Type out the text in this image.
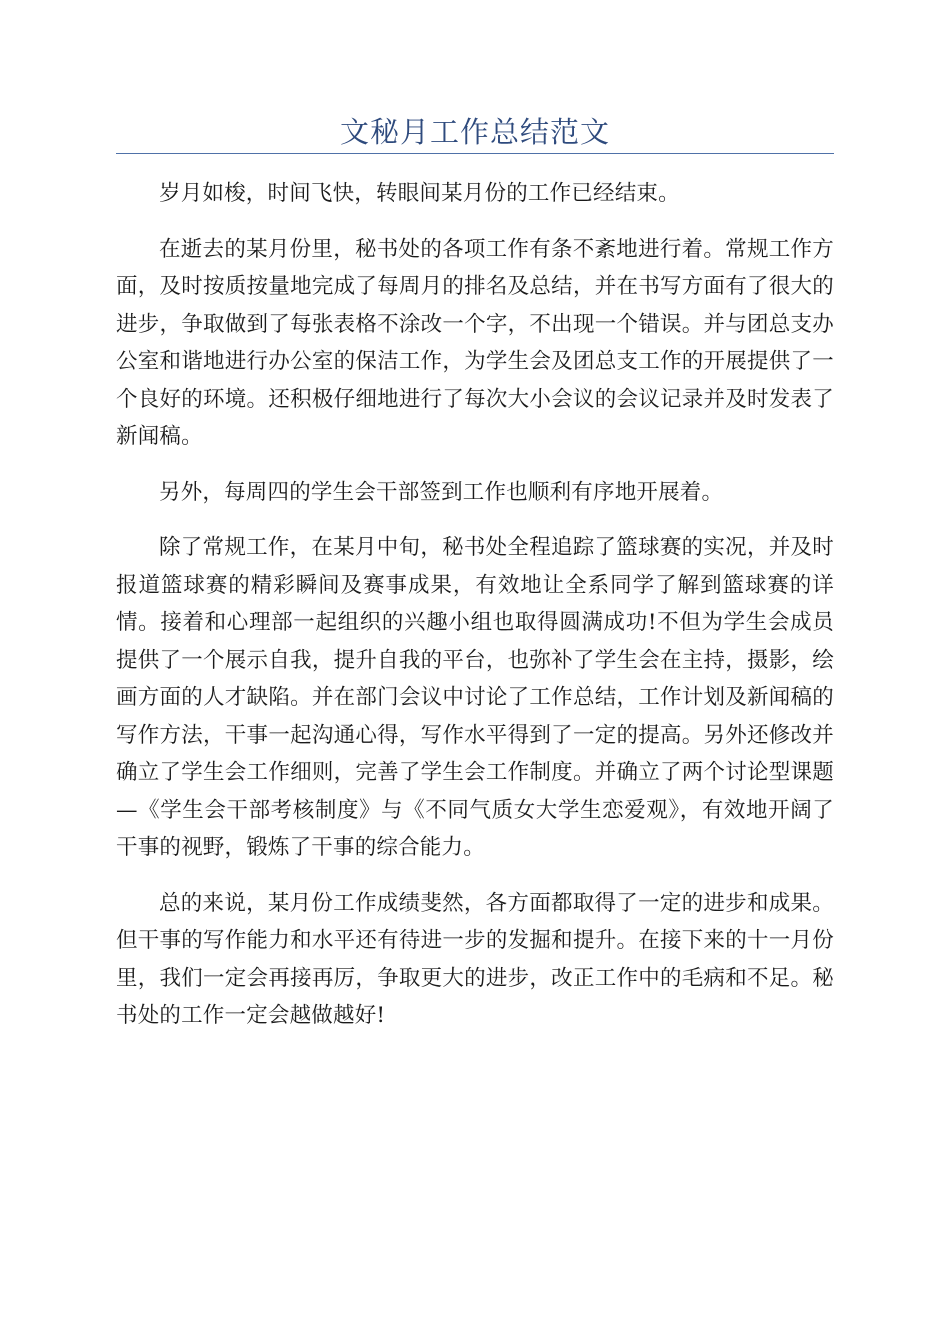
文秘月工作总结范文

岁月如梭，时间飞快，转眼间某月份的工作已经结束。

在逝去的某月份里，秘书处的各项工作有条不紊地进行着。常规工作方面，及时按质按量地完成了每周月的排名及总结，并在书写方面有了很大的进步，争取做到了每张表格不涂改一个字，不出现一个错误。并与团总支办公室和谐地进行办公室的保洁工作，为学生会及团总支工作的开展提供了一个良好的环境。还积极仔细地进行了每次大小会议的会议记录并及时发表了新闻稿。

另外，每周四的学生会干部签到工作也顺利有序地开展着。

除了常规工作，在某月中旬，秘书处全程追踪了篮球赛的实况，并及时报道篮球赛的精彩瞬间及赛事成果，有效地让全系同学了解到篮球赛的详情。接着和心理部一起组织的兴趣小组也取得圆满成功!不但为学生会成员提供了一个展示自我，提升自我的平台，也弥补了学生会在主持，摄影，绘画方面的人才缺陷。并在部门会议中讨论了工作总结，工作计划及新闻稿的写作方法，干事一起沟通心得，写作水平得到了一定的提高。另外还修改并确立了学生会工作细则，完善了学生会工作制度。并确立了两个讨论型课题—《学生会干部考核制度》与《不同气质女大学生恋爱观》，有效地开阔了干事的视野，锻炼了干事的综合能力。

总的来说，某月份工作成绩斐然，各方面都取得了一定的进步和成果。但干事的写作能力和水平还有待进一步的发掘和提升。在接下来的十一月份里，我们一定会再接再厉，争取更大的进步，改正工作中的毛病和不足。秘书处的工作一定会越做越好!
